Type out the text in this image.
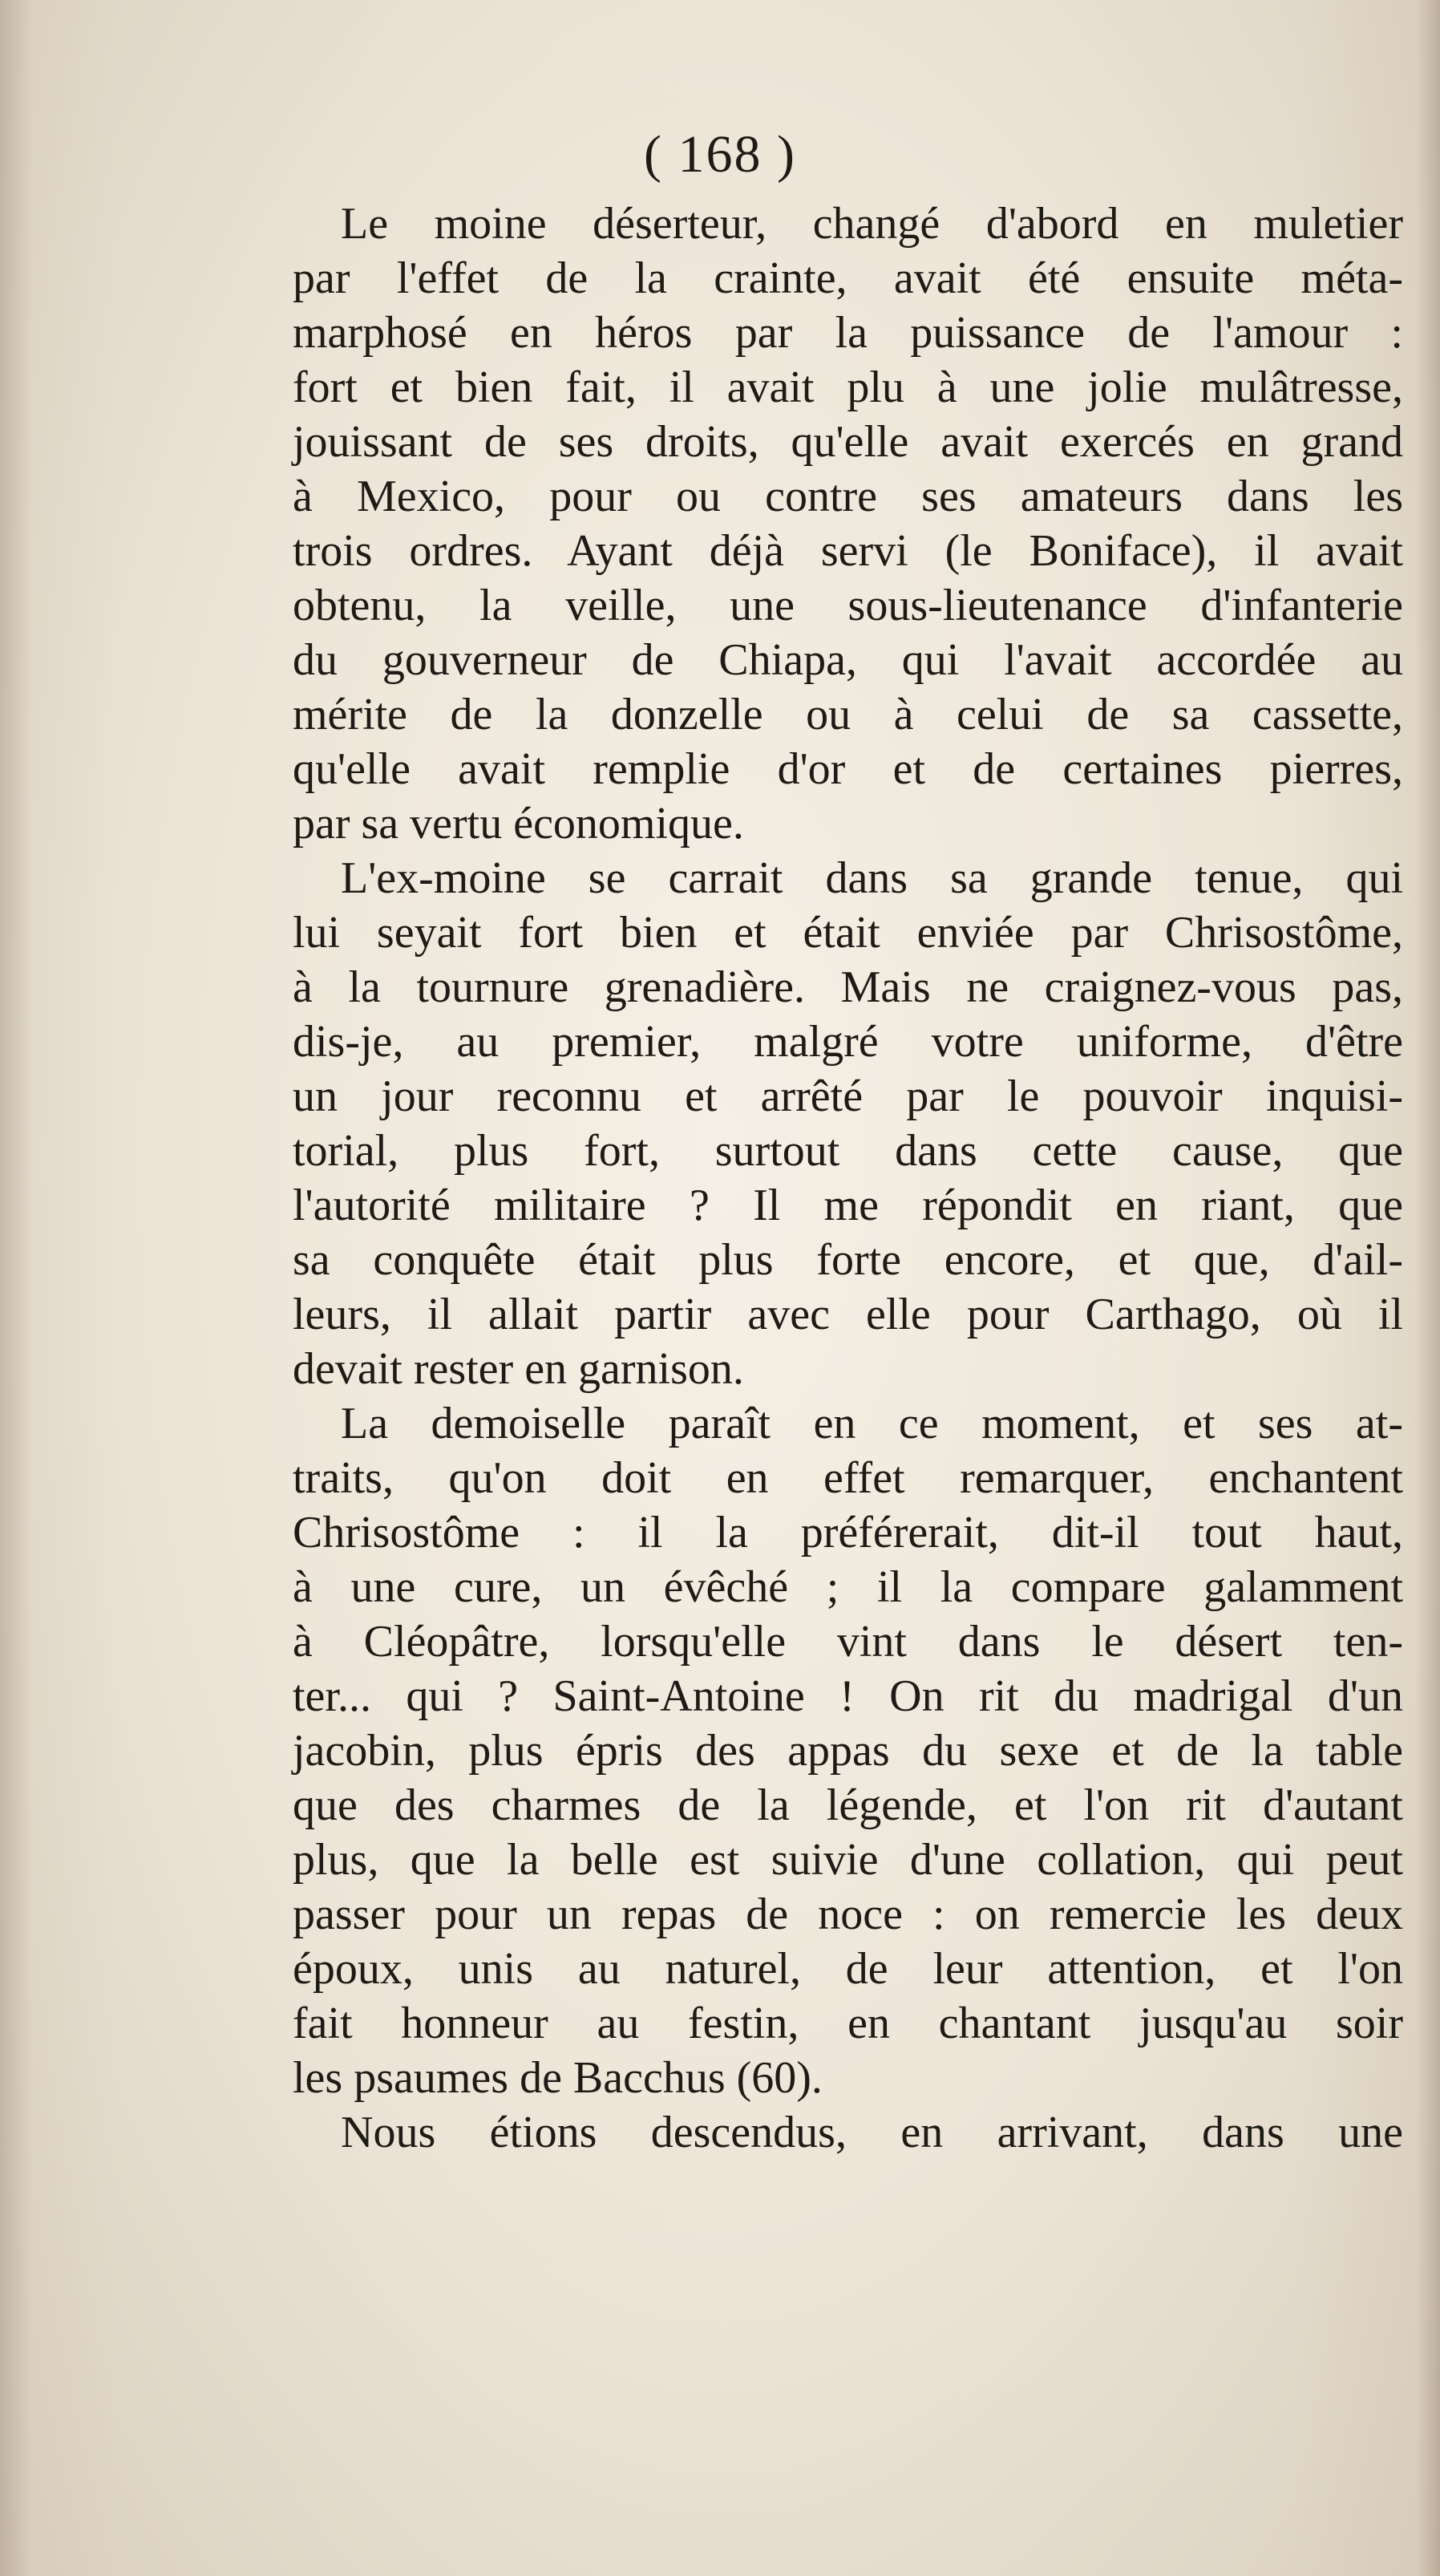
( 168 )
Le moine déserteur, changé d'abord en muletier
par l'effet de la crainte, avait été ensuite méta-
marphosé en héros par la puissance de l'amour :
fort et bien fait, il avait plu à une jolie mulâtresse,
jouissant de ses droits, qu'elle avait exercés en grand
à Mexico, pour ou contre ses amateurs dans les
trois ordres. Ayant déjà servi (le Boniface), il avait
obtenu, la veille, une sous-lieutenance d'infanterie
du gouverneur de Chiapa, qui l'avait accordée au
mérite de la donzelle ou à celui de sa cassette,
qu'elle avait remplie d'or et de certaines pierres,
par sa vertu économique.
L'ex-moine se carrait dans sa grande tenue, qui
lui seyait fort bien et était enviée par Chrisostôme,
à la tournure grenadière. Mais ne craignez-vous pas,
dis-je, au premier, malgré votre uniforme, d'être
un jour reconnu et arrêté par le pouvoir inquisi-
torial, plus fort, surtout dans cette cause, que
l'autorité militaire ? Il me répondit en riant, que
sa conquête était plus forte encore, et que, d'ail-
leurs, il allait partir avec elle pour Carthago, où il
devait rester en garnison.
La demoiselle paraît en ce moment, et ses at-
traits, qu'on doit en effet remarquer, enchantent
Chrisostôme : il la préférerait, dit-il tout haut,
à une cure, un évêché ; il la compare galamment
à Cléopâtre, lorsqu'elle vint dans le désert ten-
ter... qui ? Saint-Antoine ! On rit du madrigal d'un
jacobin, plus épris des appas du sexe et de la table
que des charmes de la légende, et l'on rit d'autant
plus, que la belle est suivie d'une collation, qui peut
passer pour un repas de noce : on remercie les deux
époux, unis au naturel, de leur attention, et l'on
fait honneur au festin, en chantant jusqu'au soir
les psaumes de Bacchus (60).
Nous étions descendus, en arrivant, dans une
